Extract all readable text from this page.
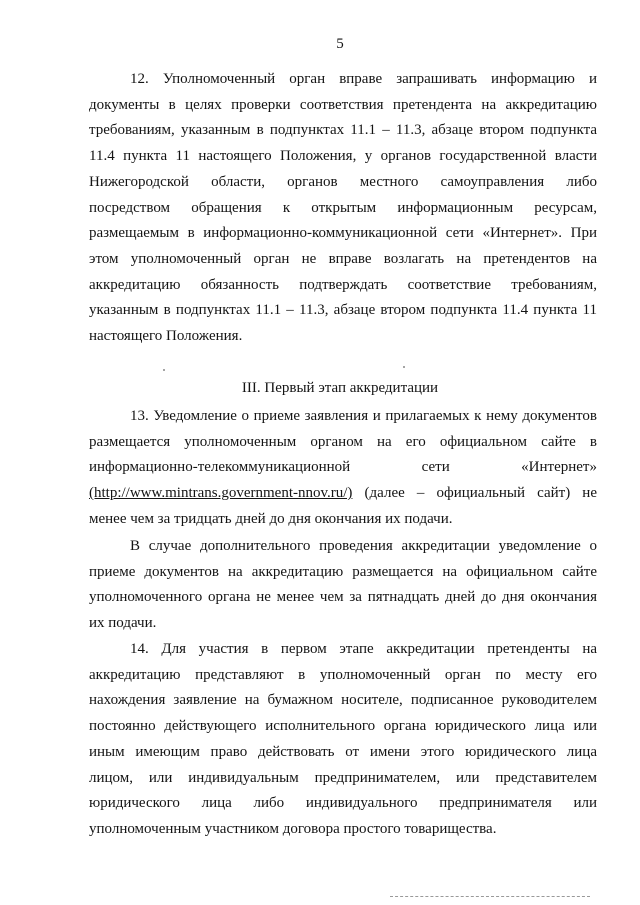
5
12. Уполномоченный орган вправе запрашивать информацию и
документы в целях проверки соответствия претендента на аккредитацию
требованиям, указанным в подпунктах 11.1 – 11.3, абзаце втором подпункта
11.4 пункта 11 настоящего Положения, у органов государственной власти
Нижегородской области, органов местного самоуправления либо
посредством обращения к открытым информационным ресурсам,
размещаемым в информационно-коммуникационной сети «Интернет». При
этом уполномоченный орган не вправе возлагать на претендентов на
аккредитацию обязанность подтверждать соответствие требованиям,
указанным в подпунктах 11.1 – 11.3, абзаце втором подпункта 11.4 пункта 11
настоящего Положения.
III. Первый этап аккредитации
13. Уведомление о приеме заявления и прилагаемых к нему документов
размещается уполномоченным органом на его официальном сайте в
информационно-телекоммуникационной сети «Интернет»
(http://www.mintrans.government-nnov.ru/) (далее – официальный сайт) не
менее чем за тридцать дней до дня окончания их подачи.
В случае дополнительного проведения аккредитации уведомление о
приеме документов на аккредитацию размещается на официальном сайте
уполномоченного органа не менее чем за пятнадцать дней до дня окончания
их подачи.
14. Для участия в первом этапе аккредитации претенденты на
аккредитацию представляют в уполномоченный орган по месту его
нахождения заявление на бумажном носителе, подписанное руководителем
постоянно действующего исполнительного органа юридического лица или
иным имеющим право действовать от имени этого юридического лица
лицом, или индивидуальным предпринимателем, или представителем
юридического лица либо индивидуального предпринимателя или
уполномоченным участником договора простого товарищества.
